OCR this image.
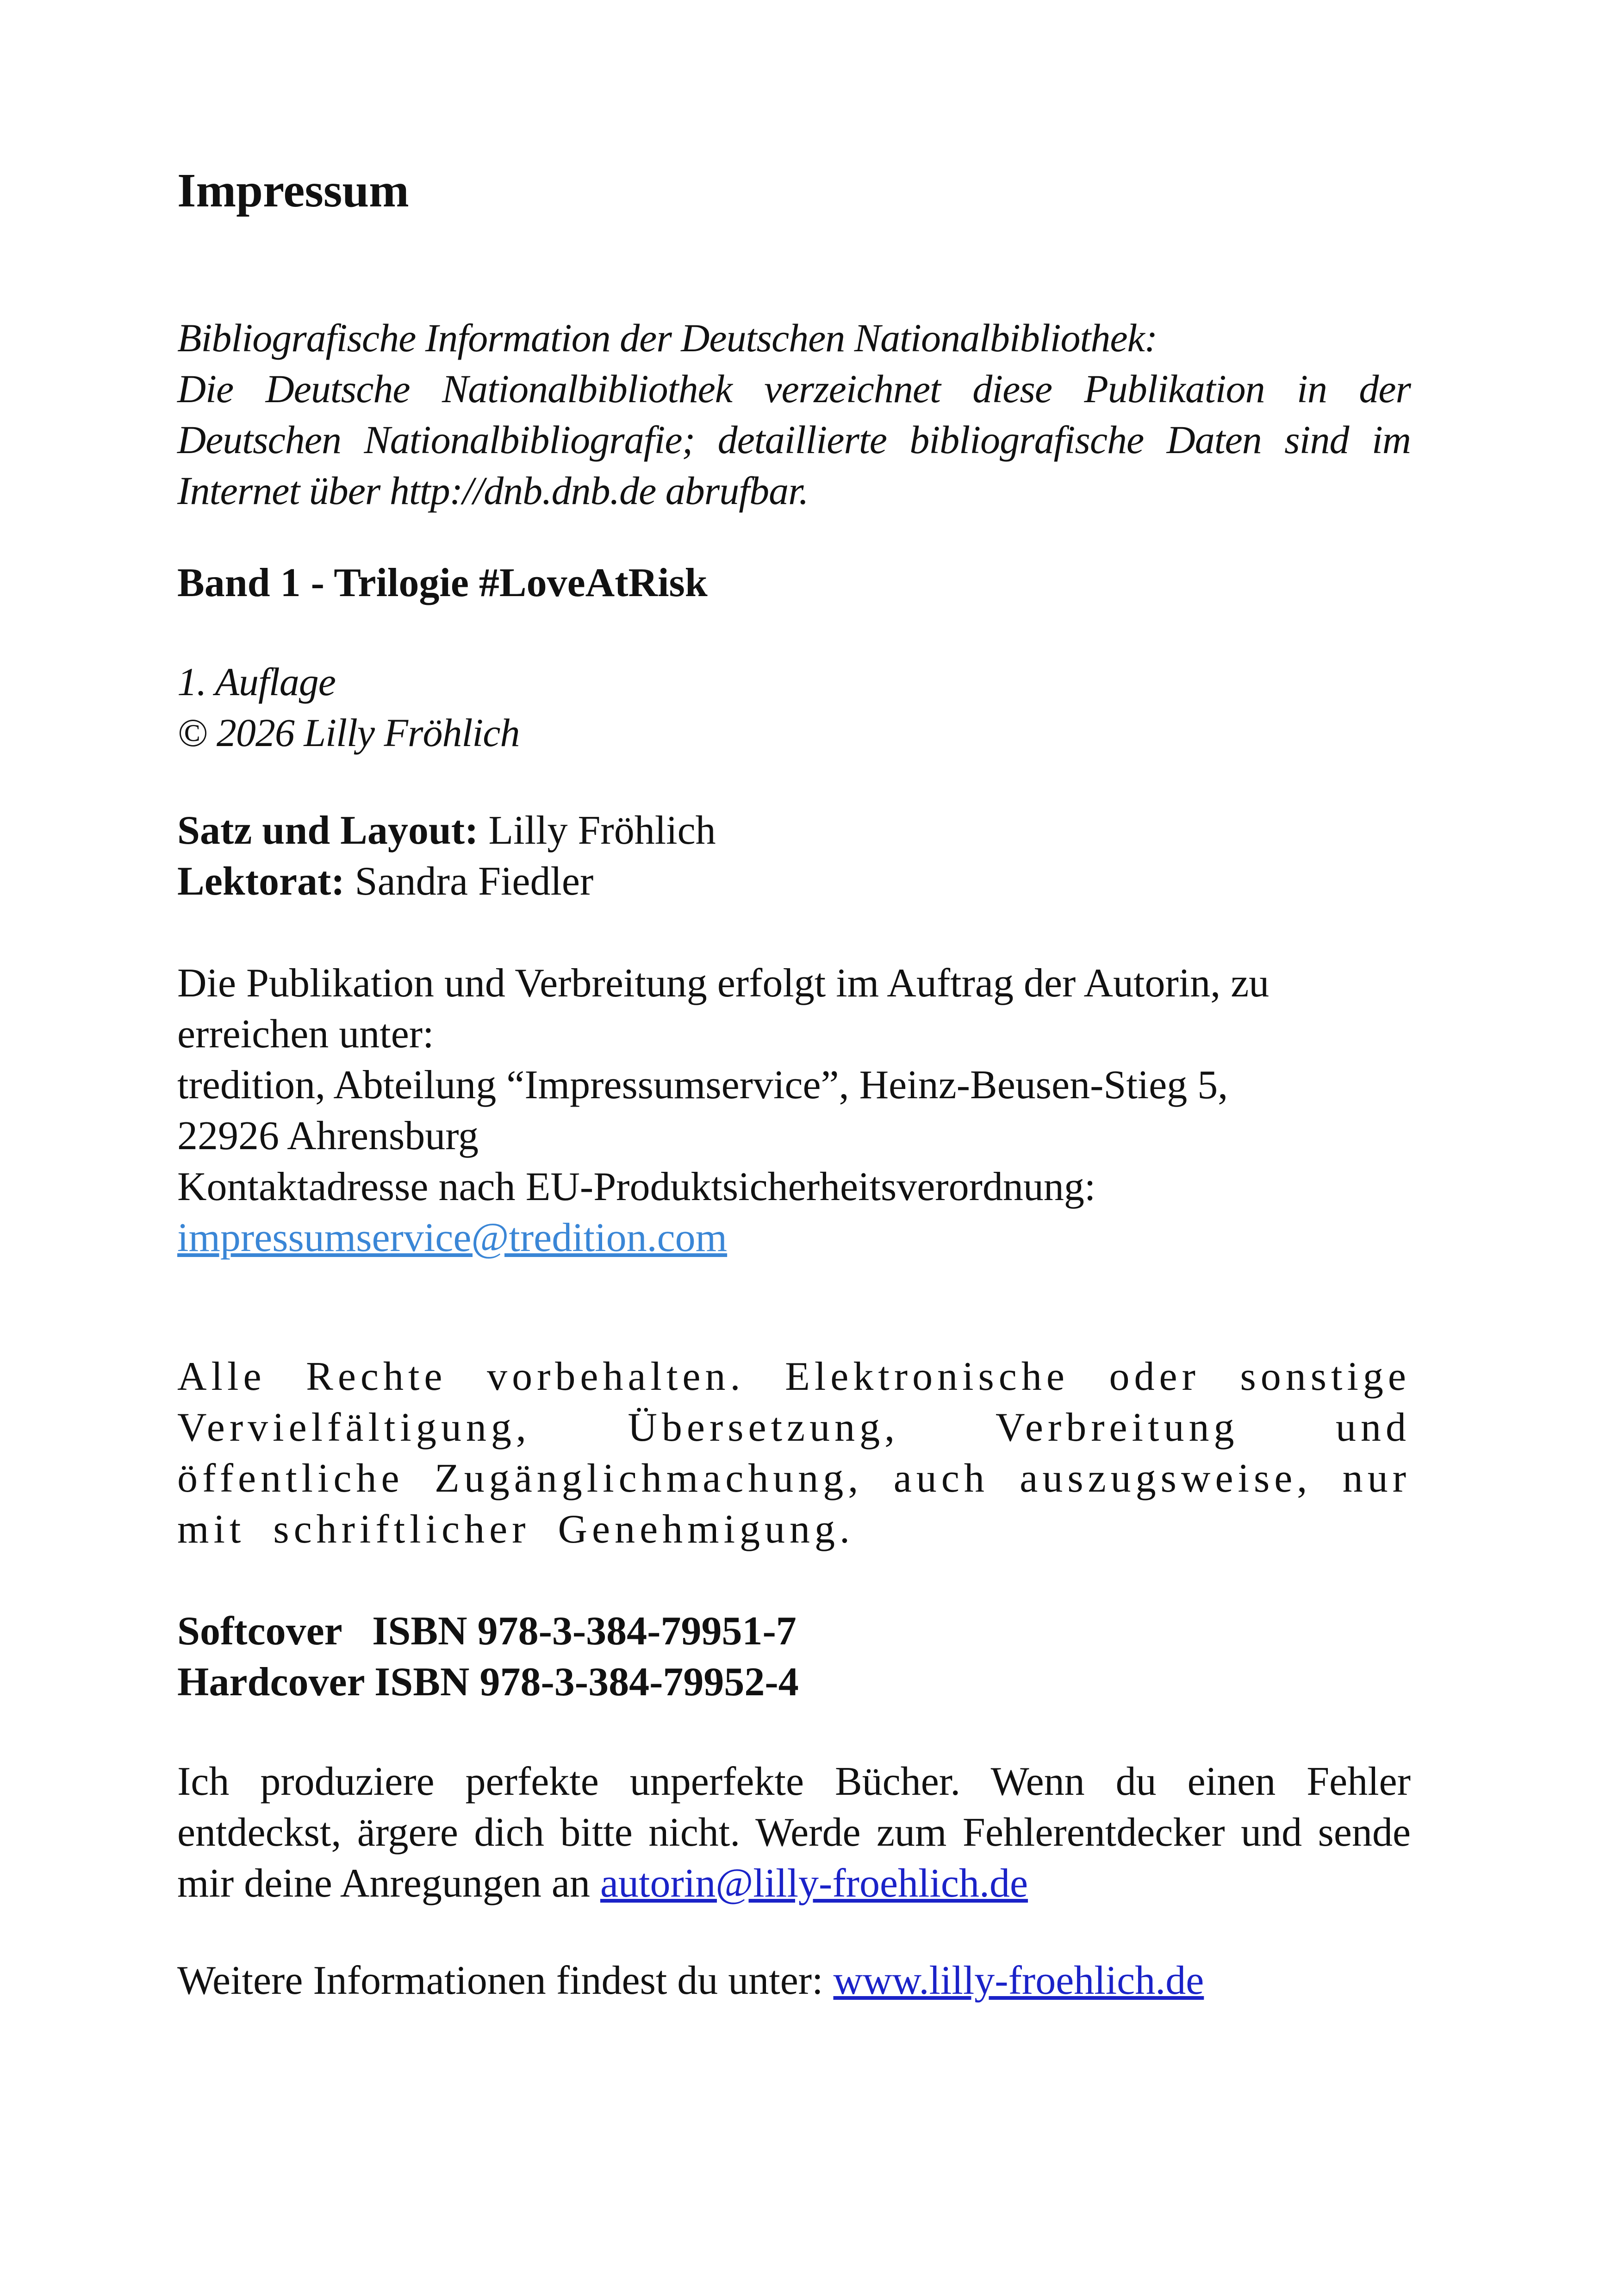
Impressum
Bibliografische Information der Deutschen Nationalbibliothek:
Die Deutsche Nationalbibliothek verzeichnet diese Publikation in der Deutschen Nationalbibliografie; detaillierte bibliografische Daten sind im Internet über http://dnb.dnb.de abrufbar.
Band 1 - Trilogie #LoveAtRisk
1. Auflage
© 2026 Lilly Fröhlich
Satz und Layout: Lilly Fröhlich
Lektorat: Sandra Fiedler
Die Publikation und Verbreitung erfolgt im Auftrag der Autorin, zu
erreichen unter:
tredition, Abteilung “Impressumservice”, Heinz-Beusen-Stieg 5,
22926 Ahrensburg
Kontaktadresse nach EU-Produktsicherheitsverordnung:
impressumservice@tredition.com
Alle Rechte vorbehalten. Elektronische oder sonstige Vervielfältigung, Übersetzung, Verbreitung und öffentliche Zugänglichmachung, auch auszugsweise, nur mit schriftlicher Genehmigung.
Softcover   ISBN 978-3-384-79951-7
Hardcover ISBN 978-3-384-79952-4
Ich produziere perfekte unperfekte Bücher. Wenn du einen Fehler entdeckst, ärgere dich bitte nicht. Werde zum Fehlerentdecker und sende mir deine Anregungen an autorin@lilly-froehlich.de
Weitere Informationen findest du unter: www.lilly-froehlich.de
